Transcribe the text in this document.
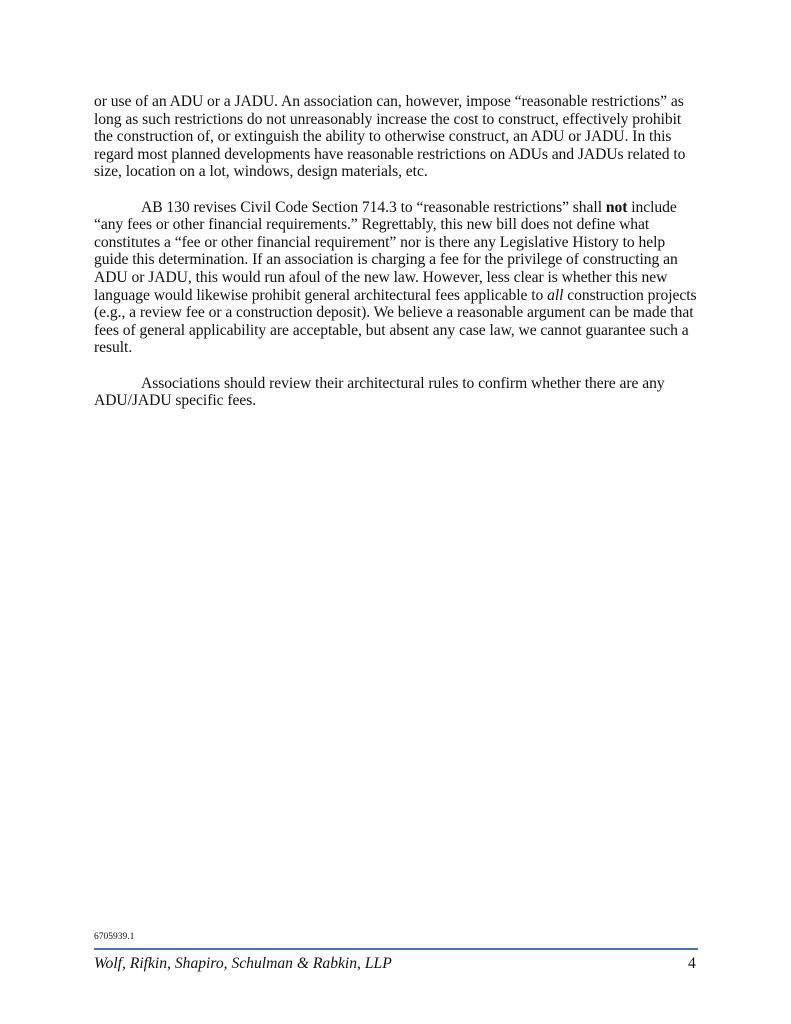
or use of an ADU or a JADU. An association can, however, impose “reasonable restrictions” as long as such restrictions do not unreasonably increase the cost to construct, effectively prohibit the construction of, or extinguish the ability to otherwise construct, an ADU or JADU. In this regard most planned developments have reasonable restrictions on ADUs and JADUs related to size, location on a lot, windows, design materials, etc.

AB 130 revises Civil Code Section 714.3 to “reasonable restrictions” shall not include “any fees or other financial requirements.” Regrettably, this new bill does not define what constitutes a “fee or other financial requirement” nor is there any Legislative History to help guide this determination. If an association is charging a fee for the privilege of constructing an ADU or JADU, this would run afoul of the new law. However, less clear is whether this new language would likewise prohibit general architectural fees applicable to all construction projects (e.g., a review fee or a construction deposit). We believe a reasonable argument can be made that fees of general applicability are acceptable, but absent any case law, we cannot guarantee such a result.

Associations should review their architectural rules to confirm whether there are any ADU/JADU specific fees.

6705939.1
Wolf, Rifkin, Shapiro, Schulman & Rabkin, LLP	4
